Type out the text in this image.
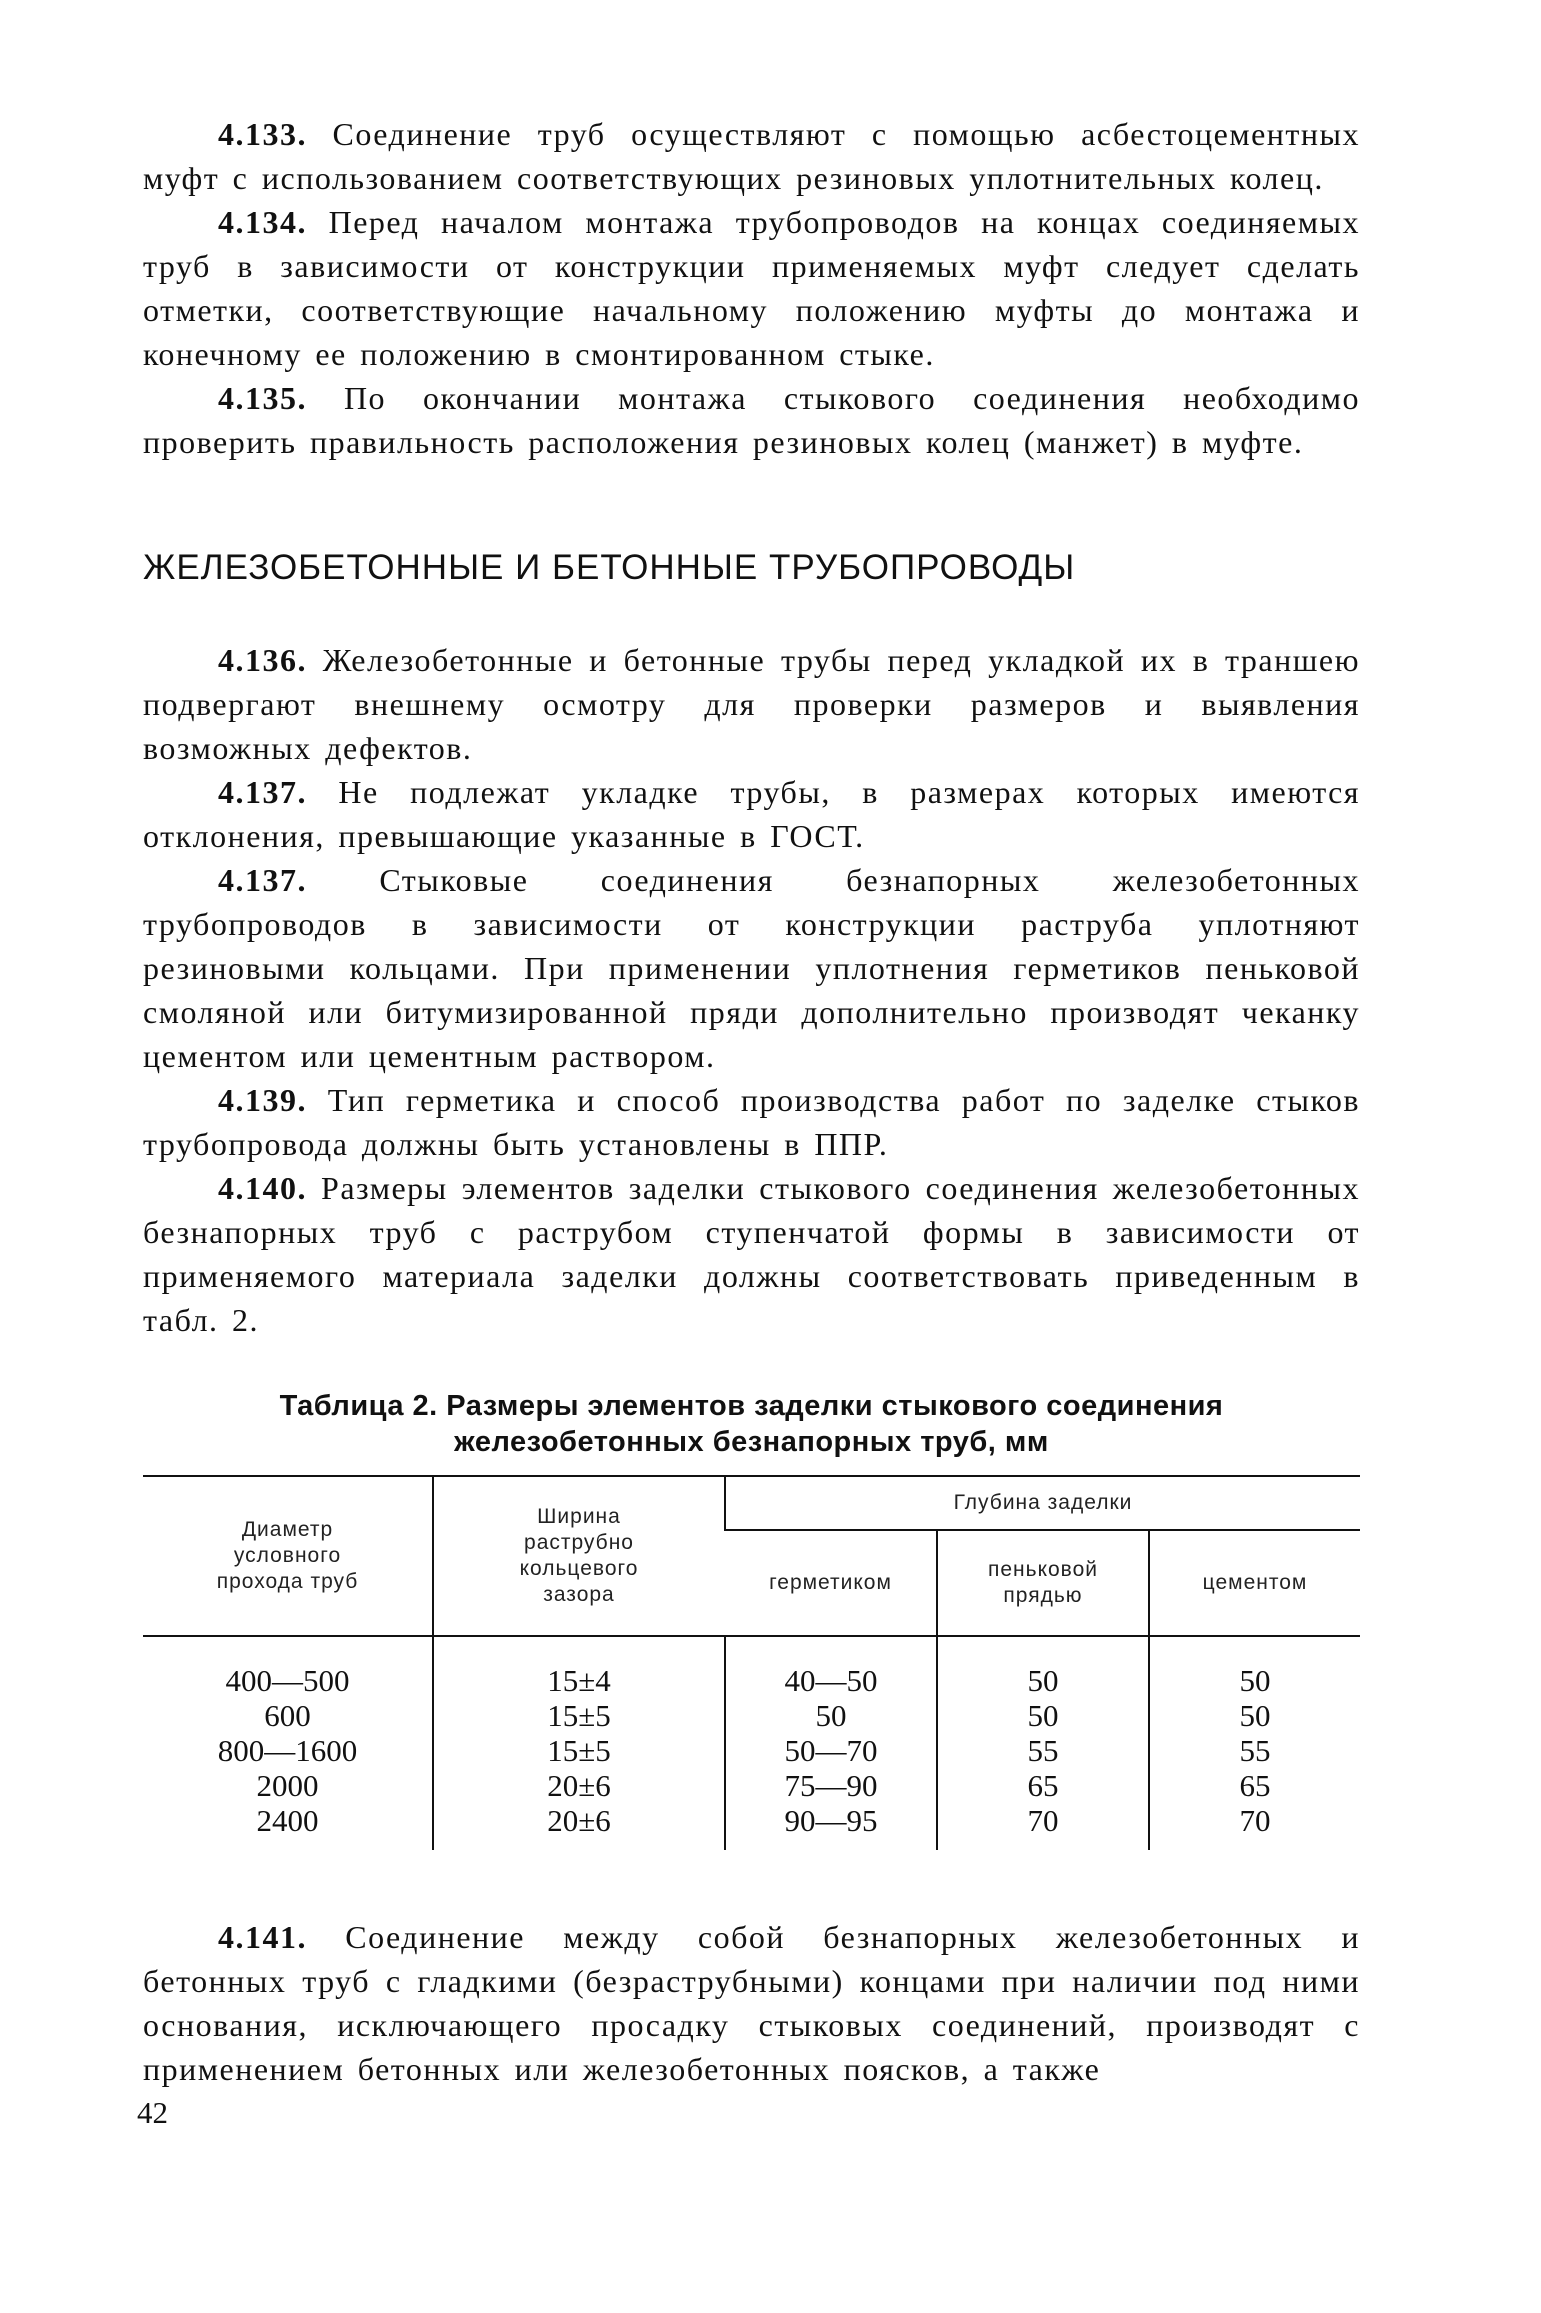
4.133. Соединение труб осуществляют с помощью асбестоцементных муфт с использованием соответствующих резиновых уплотнительных колец.

4.134. Перед началом монтажа трубопроводов на концах соединяемых труб в зависимости от конструкции применяемых муфт следует сделать отметки, соответствующие начальному положению муфты до монтажа и конечному ее положению в смонтированном стыке.

4.135. По окончании монтажа стыкового соединения необходимо проверить правильность расположения резиновых колец (манжет) в муфте.

ЖЕЛЕЗОБЕТОННЫЕ И БЕТОННЫЕ ТРУБОПРОВОДЫ

4.136. Железобетонные и бетонные трубы перед укладкой их в траншею подвергают внешнему осмотру для проверки размеров и выявления возможных дефектов.

4.137. Не подлежат укладке трубы, в размерах которых имеются отклонения, превышающие указанные в ГОСТ.

4.137. Стыковые соединения безнапорных железобетонных трубопроводов в зависимости от конструкции раструба уплотняют резиновыми кольцами. При применении уплотнения герметиков пеньковой смоляной или битумизированной пряди дополнительно производят чеканку цементом или цементным раствором.

4.139. Тип герметика и способ производства работ по заделке стыков трубопровода должны быть установлены в ППР.

4.140. Размеры элементов заделки стыкового соединения железобетонных безнапорных труб с раструбом ступенчатой формы в зависимости от применяемого материала заделки должны соответствовать приведенным в табл. 2.

Таблица 2. Размеры элементов заделки стыкового соединения
железобетонных безнапорных труб, мм
Диаметр условного прохода труб	Ширина раструбно кольцевого зазора	Глубина заделки		
		герметиком	пеньковой прядью	цементом
400—500	15±4	40—50	50	50
600	15±5	50	50	50
800—1600	15±5	50—70	55	55
2000	20±6	75—90	65	65
2400	20±6	90—95	70	70

4.141. Соединение между собой безнапорных железобетонных и бетонных труб с гладкими (безраструбными) концами при наличии под ними основания, исключающего просадку стыковых соединений, производят с применением бетонных или железобетонных поясков, а также

42
